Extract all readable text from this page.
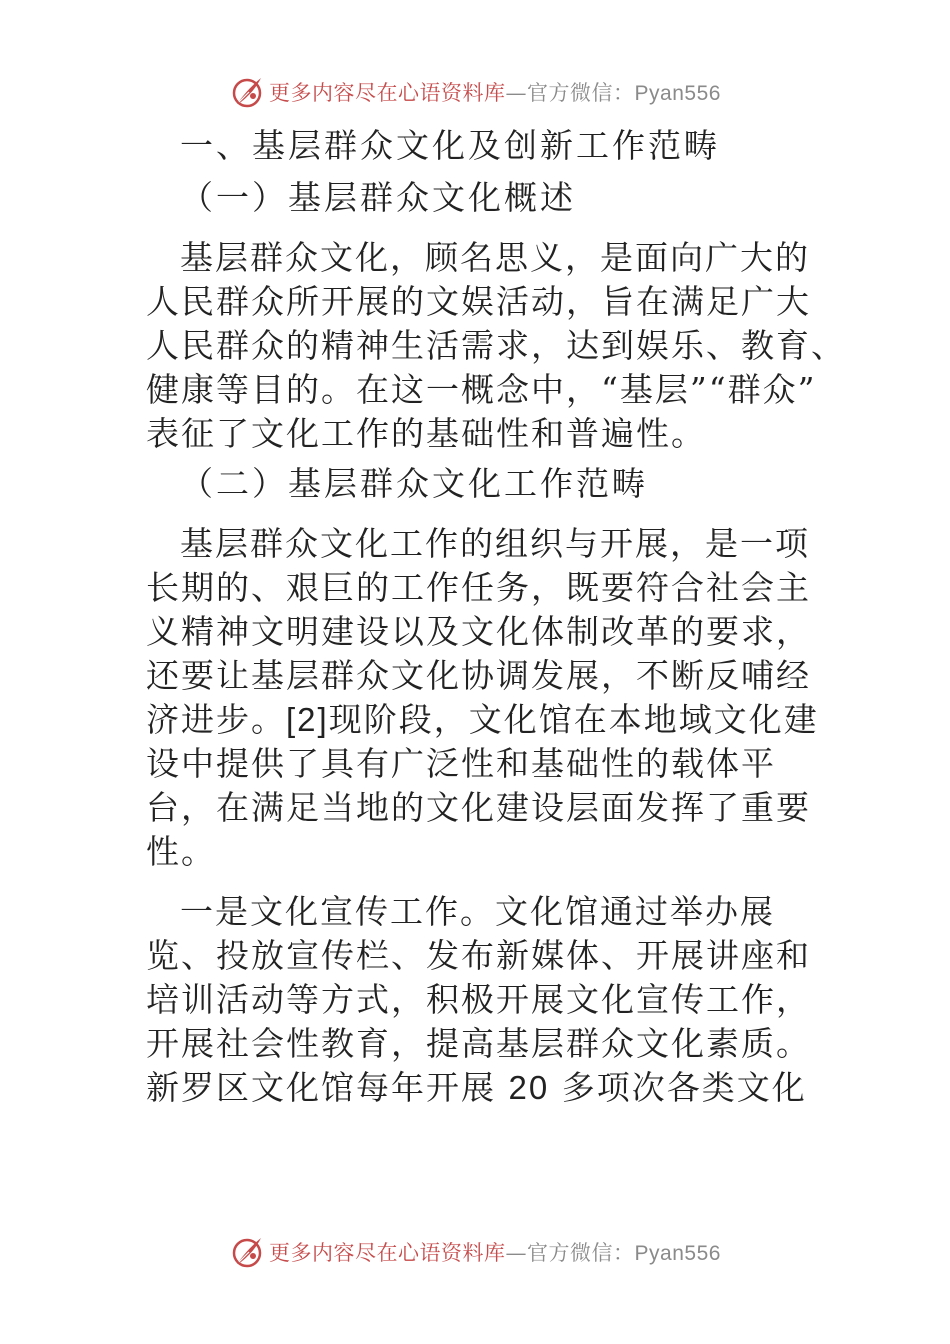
更多内容尽在心语资料库—官方微信：Pyan556
一、基层群众文化及创新工作范畴
（一）基层群众文化概述
基层群众文化，顾名思义，是面向广大的
人民群众所开展的文娱活动，旨在满足广大
人民群众的精神生活需求，达到娱乐、教育、
健康等目的。在这一概念中，“基层”“群众”
表征了文化工作的基础性和普遍性。
（二）基层群众文化工作范畴
基层群众文化工作的组织与开展，是一项
长期的、艰巨的工作任务，既要符合社会主
义精神文明建设以及文化体制改革的要求，
还要让基层群众文化协调发展，不断反哺经
济进步。[2]现阶段，文化馆在本地域文化建
设中提供了具有广泛性和基础性的载体平
台，在满足当地的文化建设层面发挥了重要
性。
一是文化宣传工作。文化馆通过举办展
览、投放宣传栏、发布新媒体、开展讲座和
培训活动等方式，积极开展文化宣传工作，
开展社会性教育，提高基层群众文化素质。
新罗区文化馆每年开展 20 多项次各类文化
更多内容尽在心语资料库—官方微信：Pyan556
